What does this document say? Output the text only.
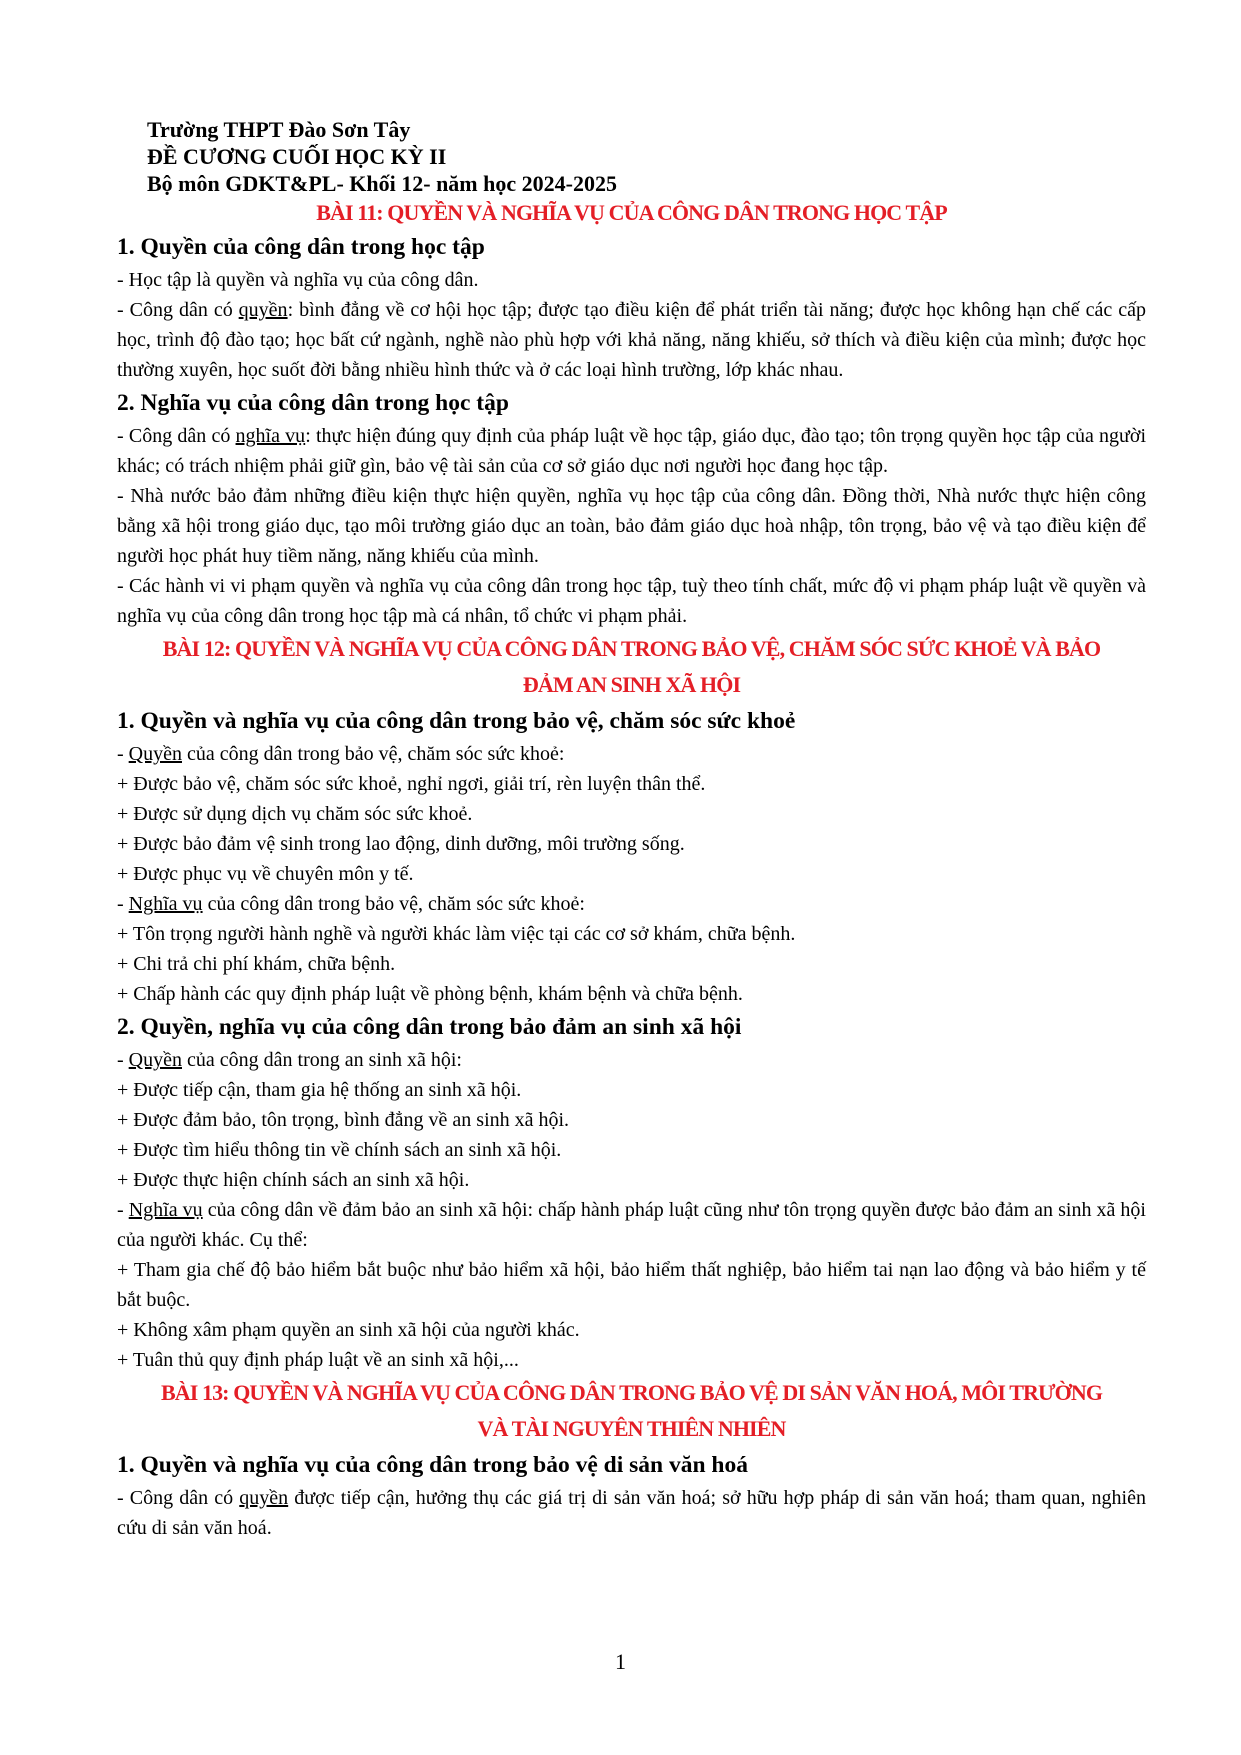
Trường THPT Đào Sơn Tây

ĐỀ CƯƠNG CUỐI HỌC KỲ II

Bộ môn GDKT&PL- Khối 12- năm học 2024-2025

BÀI 11: QUYỀN VÀ NGHĨA VỤ CỦA CÔNG DÂN TRONG HỌC TẬP

1. Quyền của công dân trong học tập

- Học tập là quyền và nghĩa vụ của công dân.

- Công dân có quyền: bình đẳng về cơ hội học tập; được tạo điều kiện để phát triển tài năng; được học không hạn chế các cấp học, trình độ đào tạo; học bất cứ ngành, nghề nào phù hợp với khả năng, năng khiếu, sở thích và điều kiện của mình; được học thường xuyên, học suốt đời bằng nhiều hình thức và ở các loại hình trường, lớp khác nhau.

2. Nghĩa vụ của công dân trong học tập

- Công dân có nghĩa vụ: thực hiện đúng quy định của pháp luật về học tập, giáo dục, đào tạo; tôn trọng quyền học tập của người khác; có trách nhiệm phải giữ gìn, bảo vệ tài sản của cơ sở giáo dục nơi người học đang học tập.

- Nhà nước bảo đảm những điều kiện thực hiện quyền, nghĩa vụ học tập của công dân. Đồng thời, Nhà nước thực hiện công bằng xã hội trong giáo dục, tạo môi trường giáo dục an toàn, bảo đảm giáo dục hoà nhập, tôn trọng, bảo vệ và tạo điều kiện để người học phát huy tiềm năng, năng khiếu của mình.

- Các hành vi vi phạm quyền và nghĩa vụ của công dân trong học tập, tuỳ theo tính chất, mức độ vi phạm pháp luật về quyền và nghĩa vụ của công dân trong học tập mà cá nhân, tổ chức vi phạm phải.

BÀI 12: QUYỀN VÀ NGHĨA VỤ CỦA CÔNG DÂN TRONG BẢO VỆ, CHĂM SÓC SỨC KHOẺ VÀ BẢO

ĐẢM AN SINH XÃ HỘI

1. Quyền và nghĩa vụ của công dân trong bảo vệ, chăm sóc sức khoẻ

- Quyền của công dân trong bảo vệ, chăm sóc sức khoẻ:

+ Được bảo vệ, chăm sóc sức khoẻ, nghỉ ngơi, giải trí, rèn luyện thân thể.

+ Được sử dụng dịch vụ chăm sóc sức khoẻ.

+ Được bảo đảm vệ sinh trong lao động, dinh dưỡng, môi trường sống.

+ Được phục vụ về chuyên môn y tế.

- Nghĩa vụ của công dân trong bảo vệ, chăm sóc sức khoẻ:

+ Tôn trọng người hành nghề và người khác làm việc tại các cơ sở khám, chữa bệnh.

+ Chi trả chi phí khám, chữa bệnh.

+ Chấp hành các quy định pháp luật về phòng bệnh, khám bệnh và chữa bệnh.

2. Quyền, nghĩa vụ của công dân trong bảo đảm an sinh xã hội

- Quyền của công dân trong an sinh xã hội:

+ Được tiếp cận, tham gia hệ thống an sinh xã hội.

+ Được đảm bảo, tôn trọng, bình đẳng về an sinh xã hội.

+ Được tìm hiểu thông tin về chính sách an sinh xã hội.

+ Được thực hiện chính sách an sinh xã hội.

- Nghĩa vụ của công dân về đảm bảo an sinh xã hội: chấp hành pháp luật cũng như tôn trọng quyền được bảo đảm an sinh xã hội của người khác. Cụ thể:

+ Tham gia chế độ bảo hiểm bắt buộc như bảo hiểm xã hội, bảo hiểm thất nghiệp, bảo hiểm tai nạn lao động và bảo hiểm y tế bắt buộc.

+ Không xâm phạm quyền an sinh xã hội của người khác.

+ Tuân thủ quy định pháp luật về an sinh xã hội,...

BÀI 13: QUYỀN VÀ NGHĨA VỤ CỦA CÔNG DÂN TRONG BẢO VỆ DI SẢN VĂN HOÁ, MÔI TRƯỜNG

VÀ TÀI NGUYÊN THIÊN NHIÊN

1. Quyền và nghĩa vụ của công dân trong bảo vệ di sản văn hoá

- Công dân có quyền được tiếp cận, hưởng thụ các giá trị di sản văn hoá; sở hữu hợp pháp di sản văn hoá; tham quan, nghiên cứu di sản văn hoá.

1
